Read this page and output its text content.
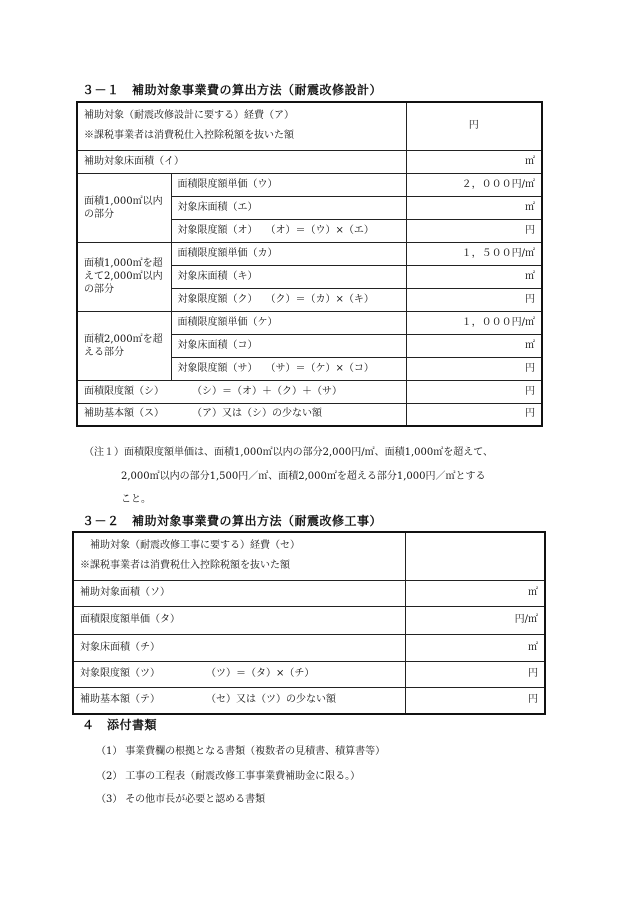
３－１　補助対象事業費の算出方法（耐震改修設計）
補助対象（耐震改修設計に要する）経費（ア）
※課税事業者は消費税仕入控除税額を抜いた額		円
補助対象床面積（イ）		㎡
面積1,000㎡以内の部分	面積限度額単価（ウ）	２，０００円/㎡
	対象床面積（エ）	㎡
	対象限度額（オ） （オ）＝（ウ）×（エ）	円
面積1,000㎡を超えて2,000㎡以内の部分	面積限度額単価（カ）	１，５００円/㎡
	対象床面積（キ）	㎡
	対象限度額（ク） （ク）＝（カ）×（キ）	円
面積2,000㎡を超える部分	面積限度額単価（ケ）	１，０００円/㎡
	対象床面積（コ）	㎡
	対象限度額（サ） （サ）＝（ケ）×（コ）	円
面積限度額（シ） （シ）＝（オ）＋（ク）＋（サ）		円
補助基本額（ス） （ア）又は（シ）の少ない額		円
（注１）面積限度額単価は、面積1,000㎡以内の部分2,000円/㎡、面積1,000㎡を超えて、
2,000㎡以内の部分1,500円／㎡、面積2,000㎡を超える部分1,000円／㎡とする
こと。
３－２　補助対象事業費の算出方法（耐震改修工事）
補助対象（耐震改修工事に要する）経費（セ）
※課税事業者は消費税仕入控除税額を抜いた額	

補助対象面積（ソ）	㎡
面積限度額単価（タ）	円/㎡
対象床面積（チ）	㎡
対象限度額（ツ） （ツ）＝（タ）×（チ）	円
補助基本額（テ） （セ）又は（ツ）の少ない額	円
４　添付書類
（1） 事業費欄の根拠となる書類（複数者の見積書、積算書等）
（2） 工事の工程表（耐震改修工事事業費補助金に限る。）
（3） その他市長が必要と認める書類
